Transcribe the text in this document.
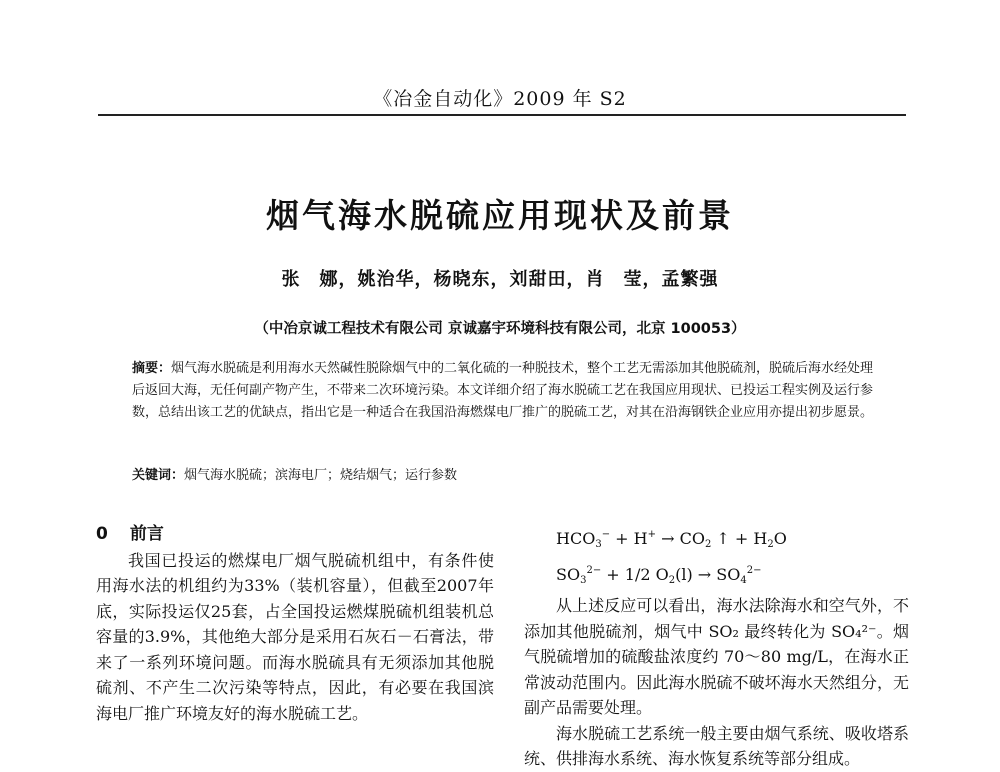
《冶金自动化》2009 年 S2
烟气海水脱硫应用现状及前景
张　娜，姚治华，杨晓东，刘甜田，肖　莹，孟繁强
（中冶京诚工程技术有限公司 京诚嘉宇环境科技有限公司，北京 100053）
摘要：烟气海水脱硫是利用海水天然碱性脱除烟气中的二氧化硫的一种脱技术，整个工艺无需添加其他脱硫剂，脱硫后海水经处理后返回大海，无任何副产物产生，不带来二次环境污染。本文详细介绍了海水脱硫工艺在我国应用现状、已投运工程实例及运行参数，总结出该工艺的优缺点，指出它是一种适合在我国沿海燃煤电厂推广的脱硫工艺，对其在沿海钢铁企业应用亦提出初步愿景。
关键词：烟气海水脱硫；滨海电厂；烧结烟气；运行参数
0 前言

我国已投运的燃煤电厂烟气脱硫机组中，有条件使用海水法的机组约为33%（装机容量），但截至2007年底，实际投运仅25套，占全国投运燃煤脱硫机组装机总容量的3.9%，其他绝大部分是采用石灰石－石膏法，带来了一系列环境问题。而海水脱硫具有无须添加其他脱硫剂、不产生二次污染等特点，因此，有必要在我国滨海电厂推广环境友好的海水脱硫工艺。

$HCO_3^- + H^+ \to CO_2$ ↑ + $H_2O$
$SO_3^{2-} + 1/2$ $O_2(l) \to SO_4^{2-}$

从上述反应可以看出，海水法除海水和空气外，不添加其他脱硫剂，烟气中 SO₂ 最终转化为 SO₄²⁻。烟气脱硫增加的硫酸盐浓度约 70～80 mg/L，在海水正常波动范围内。因此海水脱硫不破坏海水天然组分，无副产品需要处理。

海水脱硫工艺系统一般主要由烟气系统、吸收塔系统、供排海水系统、海水恢复系统等部分组成。
